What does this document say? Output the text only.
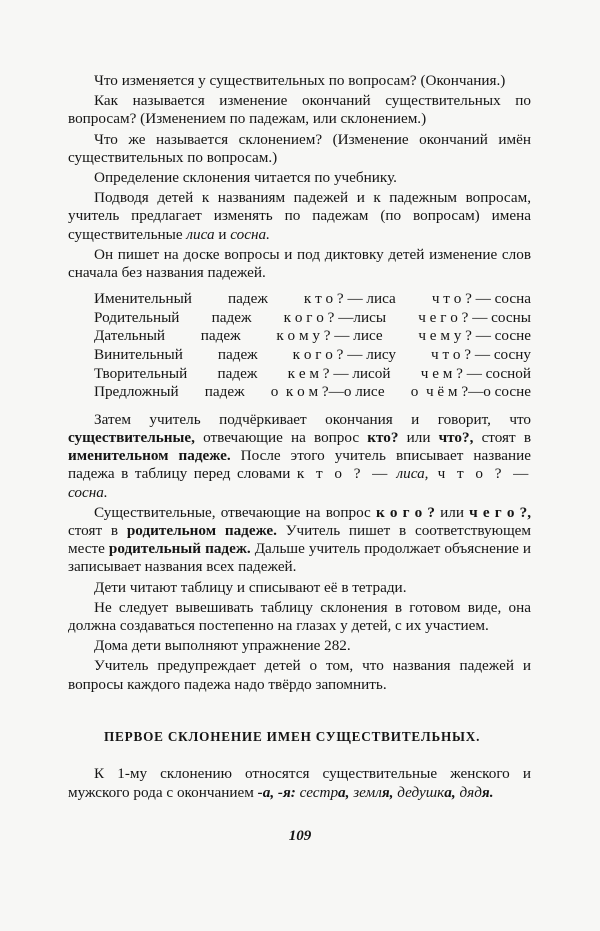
Что изменяется у существительных по вопросам? (Окончания.)

Как называется изменение окончаний существительных по вопросам? (Изменением по падежам, или склонением.)

Что же называется склонением? (Изменение окончаний имён существительных по вопросам.)

Определение склонения читается по учебнику.

Подводя детей к названиям падежей и к падежным вопросам, учитель предлагает изменять по падежам (по вопросам) имена существительные лиса и сосна.

Он пишет на доске вопросы и под диктовку детей изменение слов сначала без названия падежей.

Именительный падеж к т о ? — лиса ч т о ? — сосна
Родительный падеж к о г о ? —лисы ч е г о ? — сосны
Дательный падеж к о м у ? — лисе ч е м у ? — сосне
Винительный падеж к о г о ? — лису ч т о ? — сосну
Творительный падеж к е м ? — лисой ч е м ? — сосной
Предложный падеж о  к о м ?—о лисе о  ч ё м ?—о сосне

Затем учитель подчёркивает окончания и говорит, что существительные, отвечающие на вопрос кто? или что?, стоят в именительном падеже. После этого учитель вписывает название падежа в таблицу перед словами к т о ? — лиса, ч т о ? — сосна.

Существительные, отвечающие на вопрос к о г о ? или ч е г о ?, стоят в родительном падеже. Учитель пишет в соответствующем месте родительный падеж. Дальше учитель продолжает объяснение и записывает названия всех падежей.

Дети читают таблицу и списывают её в тетради.

Не следует вывешивать таблицу склонения в готовом виде, она должна создаваться постепенно на глазах у детей, с их участием.

Дома дети выполняют упражнение 282.

Учитель предупреждает детей о том, что названия падежей и вопросы каждого падежа надо твёрдо запомнить.

ПЕРВОЕ СКЛОНЕНИЕ ИМЕН СУЩЕСТВИТЕЛЬНЫХ.

К 1-му склонению относятся существительные женского и мужского рода с окончанием -а, -я: сестра, земля, дедушка, дядя.

109
